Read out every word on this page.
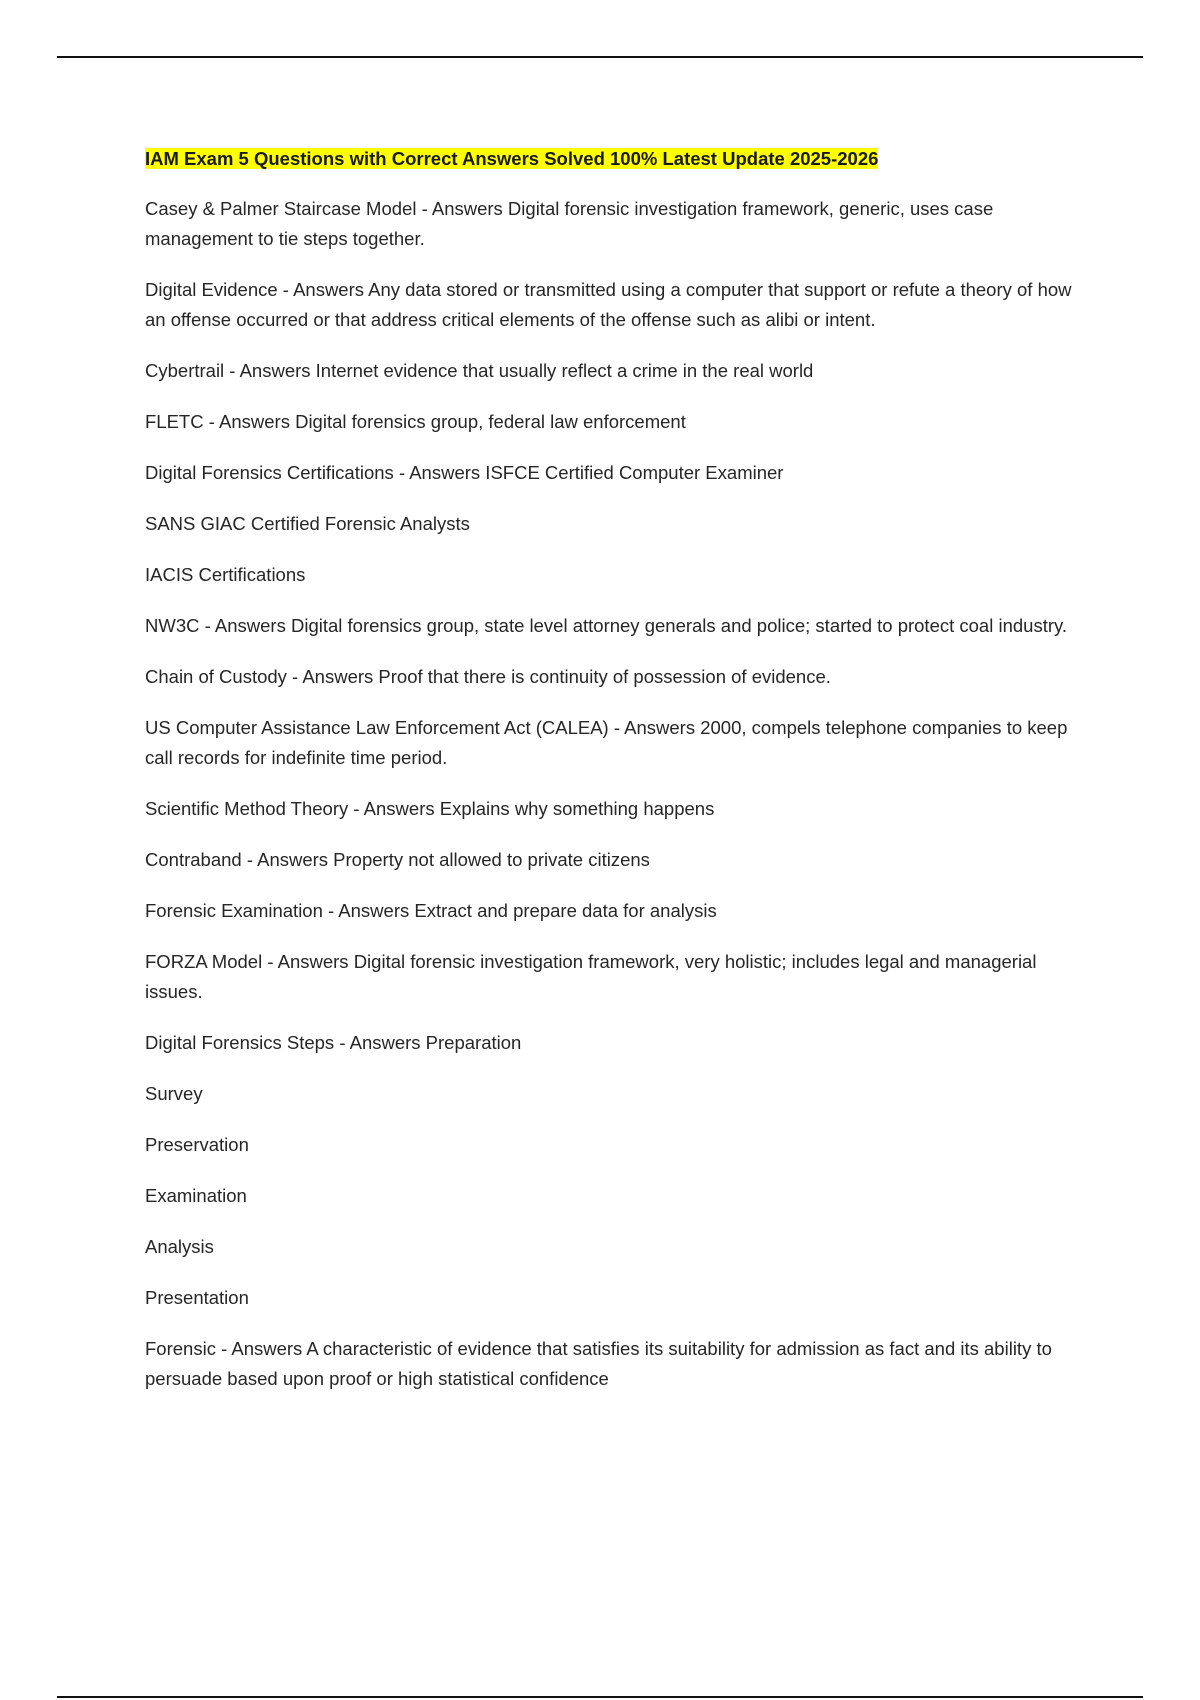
IAM Exam 5 Questions with Correct Answers Solved 100% Latest Update 2025-2026

Casey & Palmer Staircase Model - Answers Digital forensic investigation framework, generic, uses case management to tie steps together.

Digital Evidence - Answers Any data stored or transmitted using a computer that support or refute a theory of how an offense occurred or that address critical elements of the offense such as alibi or intent.

Cybertrail - Answers Internet evidence that usually reflect a crime in the real world

FLETC - Answers Digital forensics group, federal law enforcement

Digital Forensics Certifications - Answers ISFCE Certified Computer Examiner

SANS GIAC Certified Forensic Analysts

IACIS Certifications

NW3C - Answers Digital forensics group, state level attorney generals and police; started to protect coal industry.

Chain of Custody - Answers Proof that there is continuity of possession of evidence.

US Computer Assistance Law Enforcement Act (CALEA) - Answers 2000, compels telephone companies to keep call records for indefinite time period.

Scientific Method Theory - Answers Explains why something happens

Contraband - Answers Property not allowed to private citizens

Forensic Examination - Answers Extract and prepare data for analysis

FORZA Model - Answers Digital forensic investigation framework, very holistic; includes legal and managerial issues.

Digital Forensics Steps - Answers Preparation

Survey

Preservation

Examination

Analysis

Presentation

Forensic - Answers A characteristic of evidence that satisfies its suitability for admission as fact and its ability to persuade based upon proof or high statistical confidence
